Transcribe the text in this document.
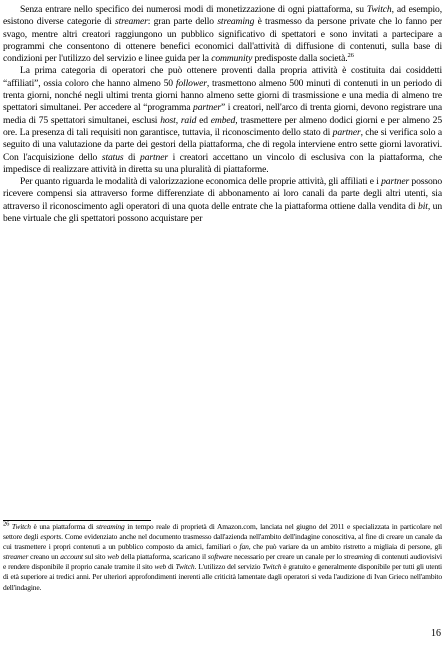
Senza entrare nello specifico dei numerosi modi di monetizzazione di ogni piattaforma, su Twitch, ad esempio, esistono diverse categorie di streamer: gran parte dello streaming è trasmesso da persone private che lo fanno per svago, mentre altri creatori raggiungono un pubblico significativo di spettatori e sono invitati a partecipare a programmi che consentono di ottenere benefici economici dall'attività di diffusione di contenuti, sulla base di condizioni per l'utilizzo del servizio e linee guida per la community predisposte dalla società.$^{26}$

La prima categoria di operatori che può ottenere proventi dalla propria attività è costituita dai cosiddetti “affiliati”, ossia coloro che hanno almeno 50 follower, trasmettono almeno 500 minuti di contenuti in un periodo di trenta giorni, nonché negli ultimi trenta giorni hanno almeno sette giorni di trasmissione e una media di almeno tre spettatori simultanei. Per accedere al “programma partner” i creatori, nell'arco di trenta giorni, devono registrare una media di 75 spettatori simultanei, esclusi host, raid ed embed, trasmettere per almeno dodici giorni e per almeno 25 ore. La presenza di tali requisiti non garantisce, tuttavia, il riconoscimento dello stato di partner, che si verifica solo a seguito di una valutazione da parte dei gestori della piattaforma, che di regola interviene entro sette giorni lavorativi. Con l'acquisizione dello status di partner i creatori accettano un vincolo di esclusiva con la piattaforma, che impedisce di realizzare attività in diretta su una pluralità di piattaforme.

Per quanto riguarda le modalità di valorizzazione economica delle proprie attività, gli affiliati e i partner possono ricevere compensi sia attraverso forme differenziate di abbonamento ai loro canali da parte degli altri utenti, sia attraverso il riconoscimento agli operatori di una quota delle entrate che la piattaforma ottiene dalla vendita di bit, un bene virtuale che gli spettatori possono acquistare per

$^{26}$ Twitch è una piattaforma di streaming in tempo reale di proprietà di Amazon.com, lanciata nel giugno del 2011 e specializzata in particolare nel settore degli esports. Come evidenziato anche nel documento trasmesso dall'azienda nell'ambito dell'indagine conoscitiva, al fine di creare un canale da cui trasmettere i propri contenuti a un pubblico composto da amici, familiari o fan, che può variare da un ambito ristretto a migliaia di persone, gli streamer creano un account sul sito web della piattaforma, scaricano il software necessario per creare un canale per lo streaming di contenuti audiovisivi e rendere disponibile il proprio canale tramite il sito web di Twitch. L'utilizzo del servizio Twitch è gratuito e generalmente disponibile per tutti gli utenti di età superiore ai tredici anni. Per ulteriori approfondimenti inerenti alle criticità lamentate dagli operatori si veda l'audizione di Ivan Grieco nell'ambito dell'indagine.

16
